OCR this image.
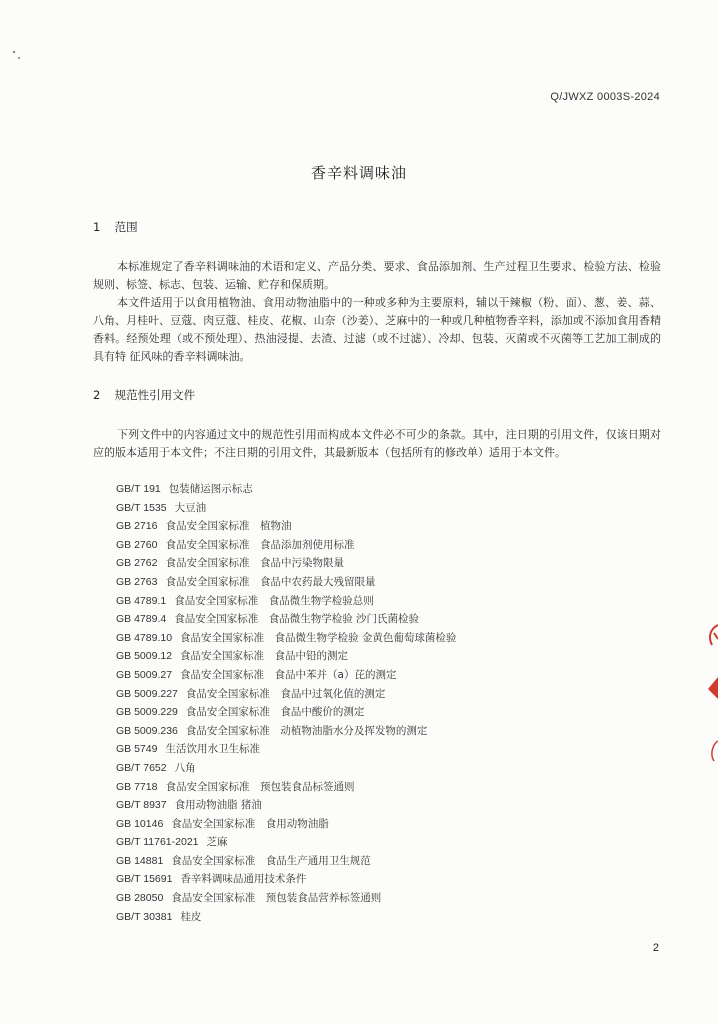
Q/JWXZ 0003S-2024
香辛料调味油
1 范围

本标准规定了香辛料调味油的术语和定义、产品分类、要求、食品添加剂、生产过程卫生要求、检验方法、检验规则、标签、标志、包装、运输、贮存和保质期。

本文件适用于以食用植物油、食用动物油脂中的一种或多种为主要原料，辅以干辣椒（粉、面）、葱、姜、蒜、八角、月桂叶、豆蔻、肉豆蔻、桂皮、花椒、山奈（沙姜）、芝麻中的一种或几种植物香辛料，添加或不添加食用香精香料。经预处理（或不预处理）、热油浸提、去渣、过滤（或不过滤）、冷却、包装、灭菌或不灭菌等工艺加工制成的具有特 征风味的香辛料调味油。

2 规范性引用文件

下列文件中的内容通过文中的规范性引用而构成本文件必不可少的条款。其中，注日期的引用文件，仅该日期对应的版本适用于本文件；不注日期的引用文件，其最新版本（包括所有的修改单）适用于本文件。

GB/T 191 包装储运图示标志
GB/T 1535 大豆油
GB 2716 食品安全国家标准　植物油
GB 2760 食品安全国家标准　食品添加剂使用标准
GB 2762 食品安全国家标准　食品中污染物限量
GB 2763 食品安全国家标准　食品中农药最大残留限量
GB 4789.1 食品安全国家标准　食品微生物学检验总则
GB 4789.4 食品安全国家标准　食品微生物学检验 沙门氏菌检验
GB 4789.10 食品安全国家标准　食品微生物学检验 金黄色葡萄球菌检验
GB 5009.12 食品安全国家标准　食品中铅的测定
GB 5009.27 食品安全国家标准　食品中苯并（a）芘的测定
GB 5009.227 食品安全国家标准　食品中过氧化值的测定
GB 5009.229 食品安全国家标准　食品中酸价的测定
GB 5009.236 食品安全国家标准　动植物油脂水分及挥发物的测定
GB 5749 生活饮用水卫生标准
GB/T 7652 八角
GB 7718 食品安全国家标准　预包装食品标签通则
GB/T 8937 食用动物油脂 猪油
GB 10146 食品安全国家标准　食用动物油脂
GB/T 11761-2021 芝麻
GB 14881 食品安全国家标准　食品生产通用卫生规范
GB/T 15691 香辛料调味品通用技术条件
GB 28050 食品安全国家标准　预包装食品营养标签通则
GB/T 30381 桂皮
2
